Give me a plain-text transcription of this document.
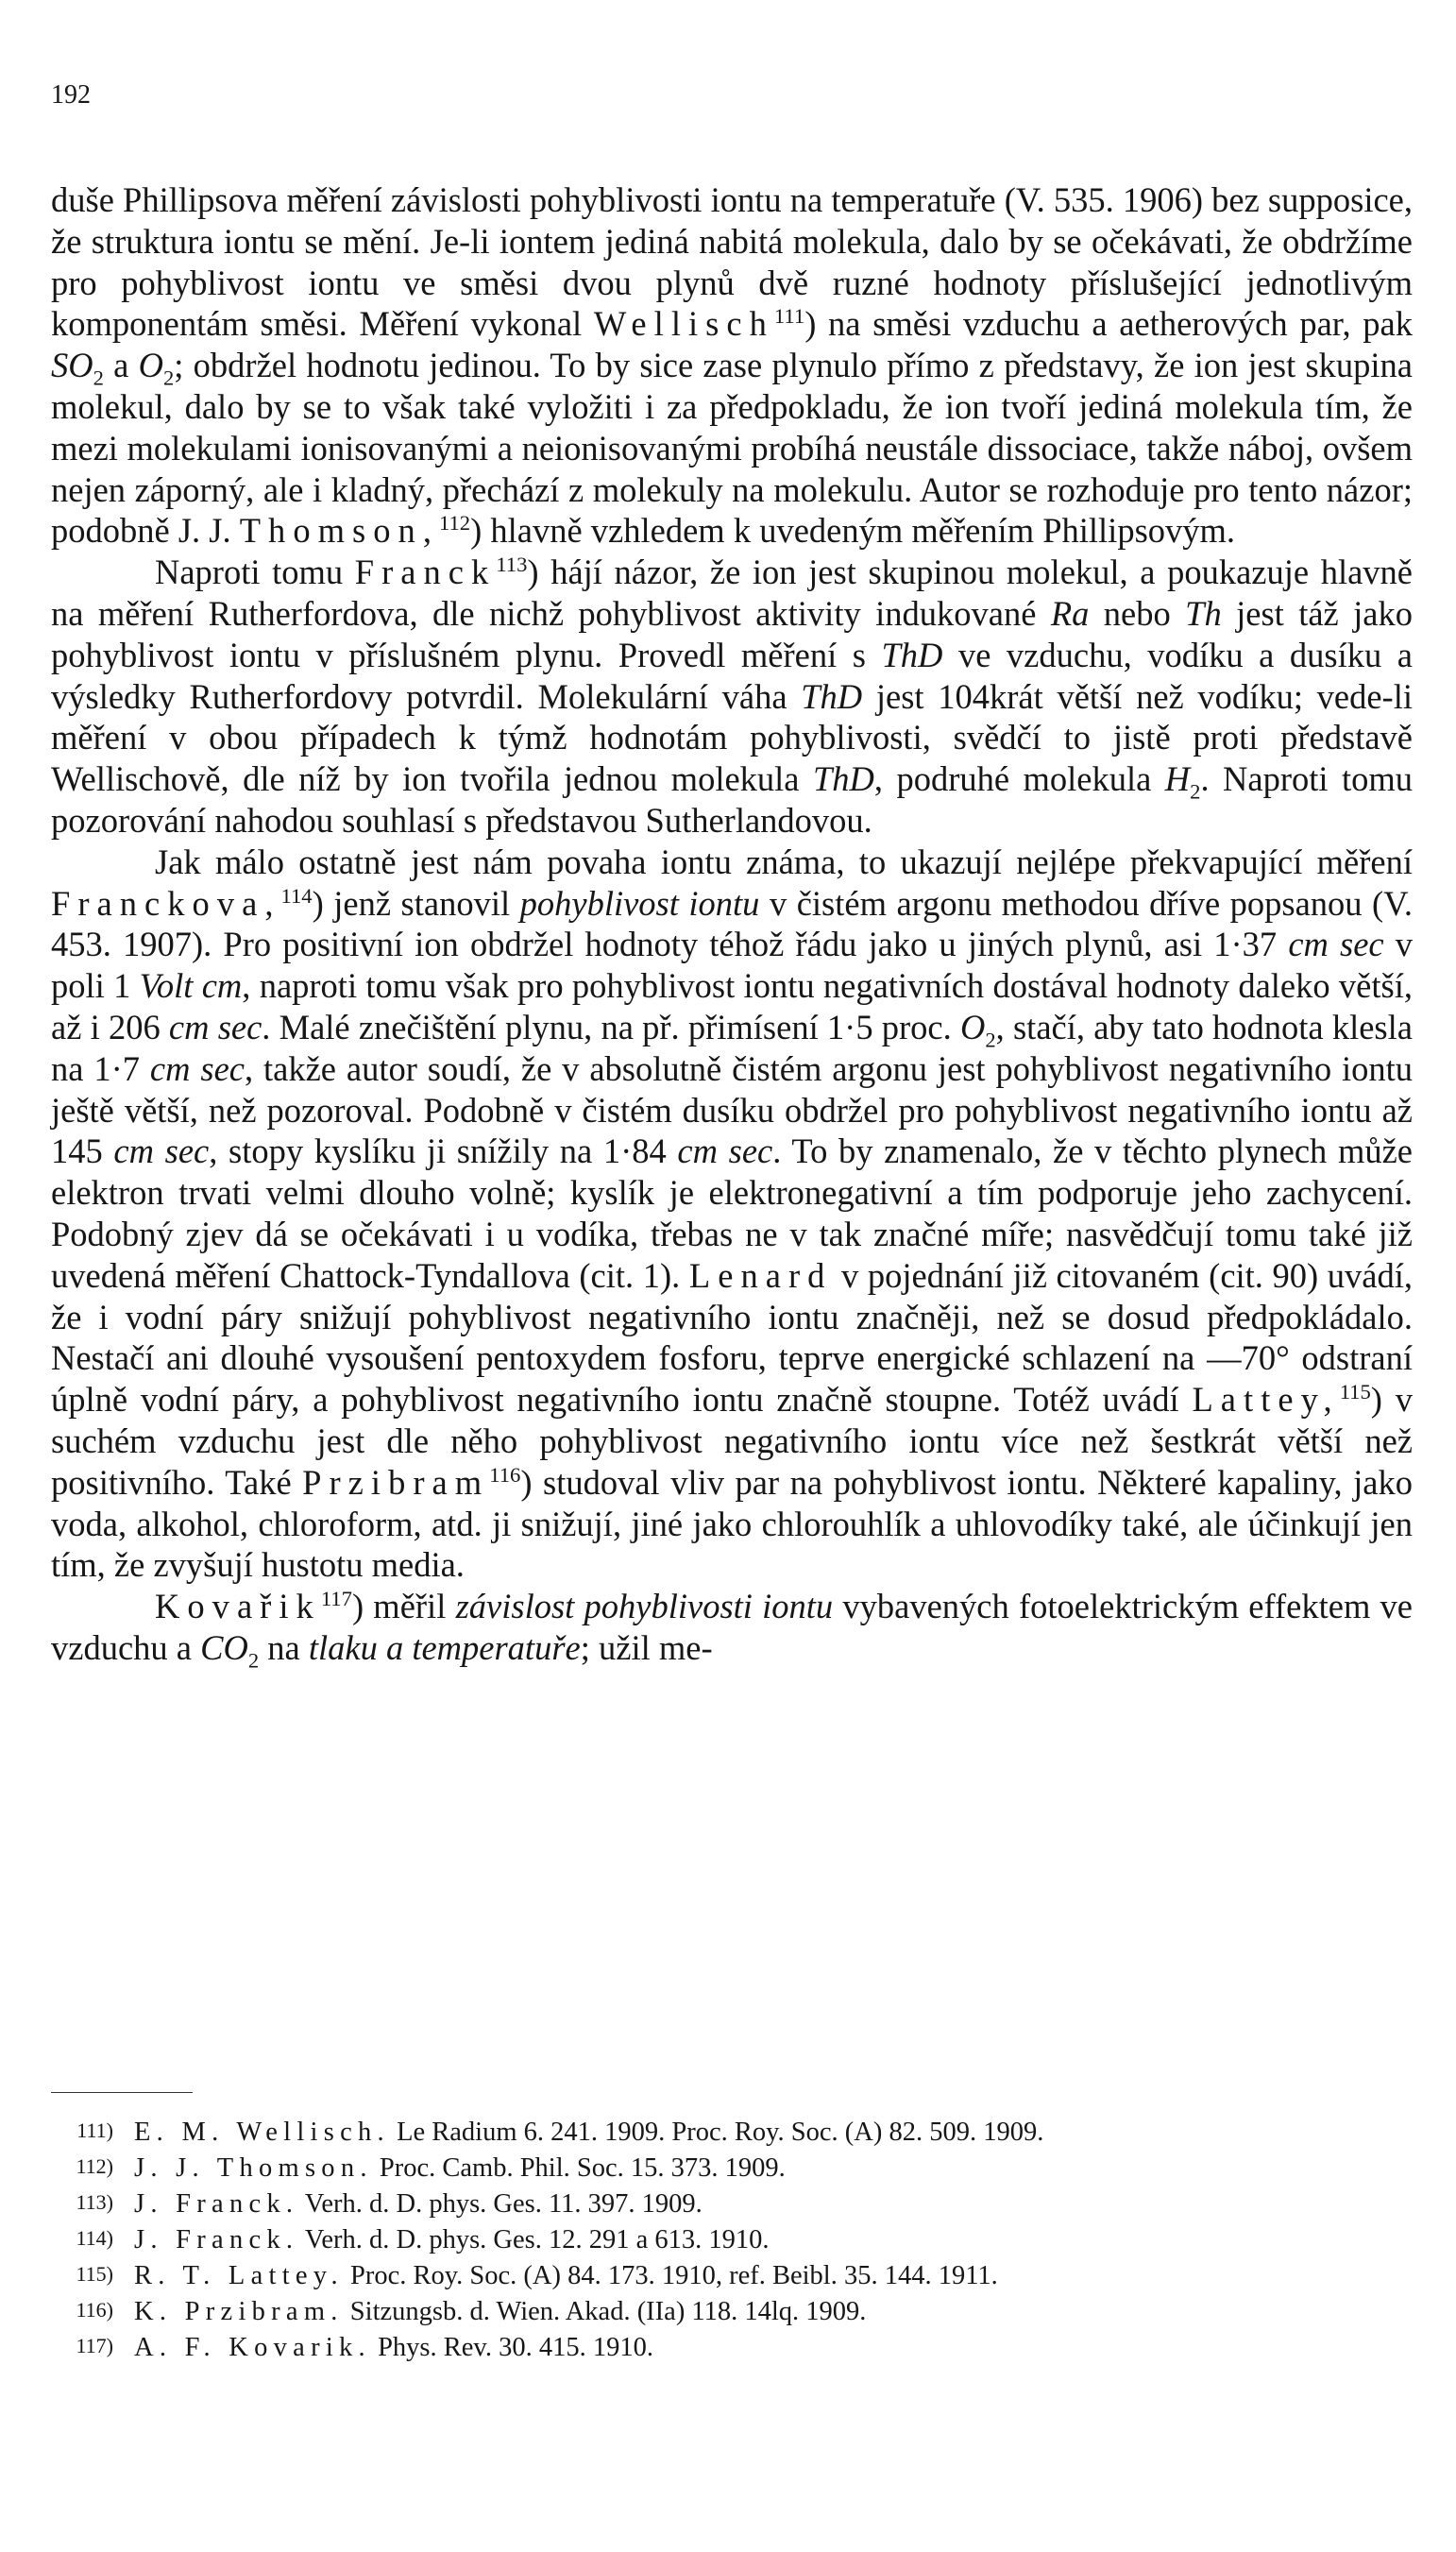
192

duše Phillipsova měření závislosti pohyblivosti iontu na temperatuře (V. 535. 1906) bez supposice, že struktura iontu se mění. Je-li iontem jediná nabitá molekula, dalo by se očekávati, že obdržíme pro pohyblivost iontu ve směsi dvou plynů dvě ruzné hodnoty příslušející jednotlivým komponentám směsi. Měření vykonal Wellisch$^{111}$) na směsi vzduchu a aetherových par, pak $SO_2$ a $O_2$; obdržel hodnotu jedinou. To by sice zase plynulo přímo z představy, že ion jest skupina molekul, dalo by se to však také vyložiti i za předpokladu, že ion tvoří jediná molekula tím, že mezi molekulami ionisovanými a neionisovanými probíhá neustále dissociace, takže náboj, ovšem nejen záporný, ale i kladný, přechází z molekuly na molekulu. Autor se rozhoduje pro tento názor; podobně J. J. Thomson,$^{112}$) hlavně vzhledem k uvedeným měřením Phillipsovým.

Naproti tomu Franck$^{113}$) hájí názor, že ion jest skupinou molekul, a poukazuje hlavně na měření Rutherfordova, dle nichž pohyblivost aktivity indukované Ra nebo Th jest táž jako pohyblivost iontu v příslušném plynu. Provedl měření s ThD ve vzduchu, vodíku a dusíku a výsledky Rutherfordovy potvrdil. Molekulární váha ThD jest 104krát větší než vodíku; vede-li měření v obou případech k týmž hodnotám pohyblivosti, svědčí to jistě proti představě Wellischově, dle níž by ion tvořila jednou molekula ThD, podruhé molekula $H_2$. Naproti tomu pozorování nahodou souhlasí s představou Sutherlandovou.

Jak málo ostatně jest nám povaha iontu známa, to ukazují nejlépe překvapující měření Franckova,$^{114}$) jenž stanovil pohyblivost iontu v čistém argonu methodou dříve popsanou (V. 453. 1907). Pro positivní ion obdržel hodnoty téhož řádu jako u jiných plynů, asi 1·37 cm sec v poli 1 Volt cm, naproti tomu však pro pohyblivost iontu negativních dostával hodnoty daleko větší, až i 206 cm sec. Malé znečištění plynu, na př. přimísení 1·5 proc. $O_2$, stačí, aby tato hodnota klesla na 1·7 cm sec, takže autor soudí, že v absolutně čistém argonu jest pohyblivost negativního iontu ještě větší, než pozoroval. Podobně v čistém dusíku obdržel pro pohyblivost negativního iontu až 145 cm sec, stopy kyslíku ji snížily na 1·84 cm sec. To by znamenalo, že v těchto plynech může elektron trvati velmi dlouho volně; kyslík je elektronegativní a tím podporuje jeho zachycení. Podobný zjev dá se očekávati i u vodíka, třebas ne v tak značné míře; nasvědčují tomu také již uvedená měření Chattock-Tyndallova (cit. 1). Lenard v pojednání již citovaném (cit. 90) uvádí, že i vodní páry snižují pohyblivost negativního iontu značněji, než se dosud předpokládalo. Nestačí ani dlouhé vysoušení pentoxydem fosforu, teprve energické schlazení na —70° odstraní úplně vodní páry, a pohyblivost negativního iontu značně stoupne. Totéž uvádí Lattey,$^{115}$) v suchém vzduchu jest dle něho pohyblivost negativního iontu více než šestkrát větší než positivního. Také Przibram$^{116}$) studoval vliv par na pohyblivost iontu. Některé kapaliny, jako voda, alkohol, chloroform, atd. ji snižují, jiné jako chlorouhlík a uhlovodíky také, ale účinkují jen tím, že zvyšují hustotu media.

Kovařik$^{117}$) měřil závislost pohyblivosti iontu vybavených fotoelektrickým effektem ve vzduchu a $CO_2$ na tlaku a temperatuře; užil me-

111) E. M. Wellisch. Le Radium 6. 241. 1909. Proc. Roy. Soc. (A) 82. 509. 1909.

112) J. J. Thomson. Proc. Camb. Phil. Soc. 15. 373. 1909.

113) J. Franck. Verh. d. D. phys. Ges. 11. 397. 1909.

114) J. Franck. Verh. d. D. phys. Ges. 12. 291 a 613. 1910.

115) R. T. Lattey. Proc. Roy. Soc. (A) 84. 173. 1910, ref. Beibl. 35. 144. 1911.

116) K. Przibram. Sitzungsb. d. Wien. Akad. (IIa) 118. 14lq. 1909.

117) A. F. Kovarik. Phys. Rev. 30. 415. 1910.
